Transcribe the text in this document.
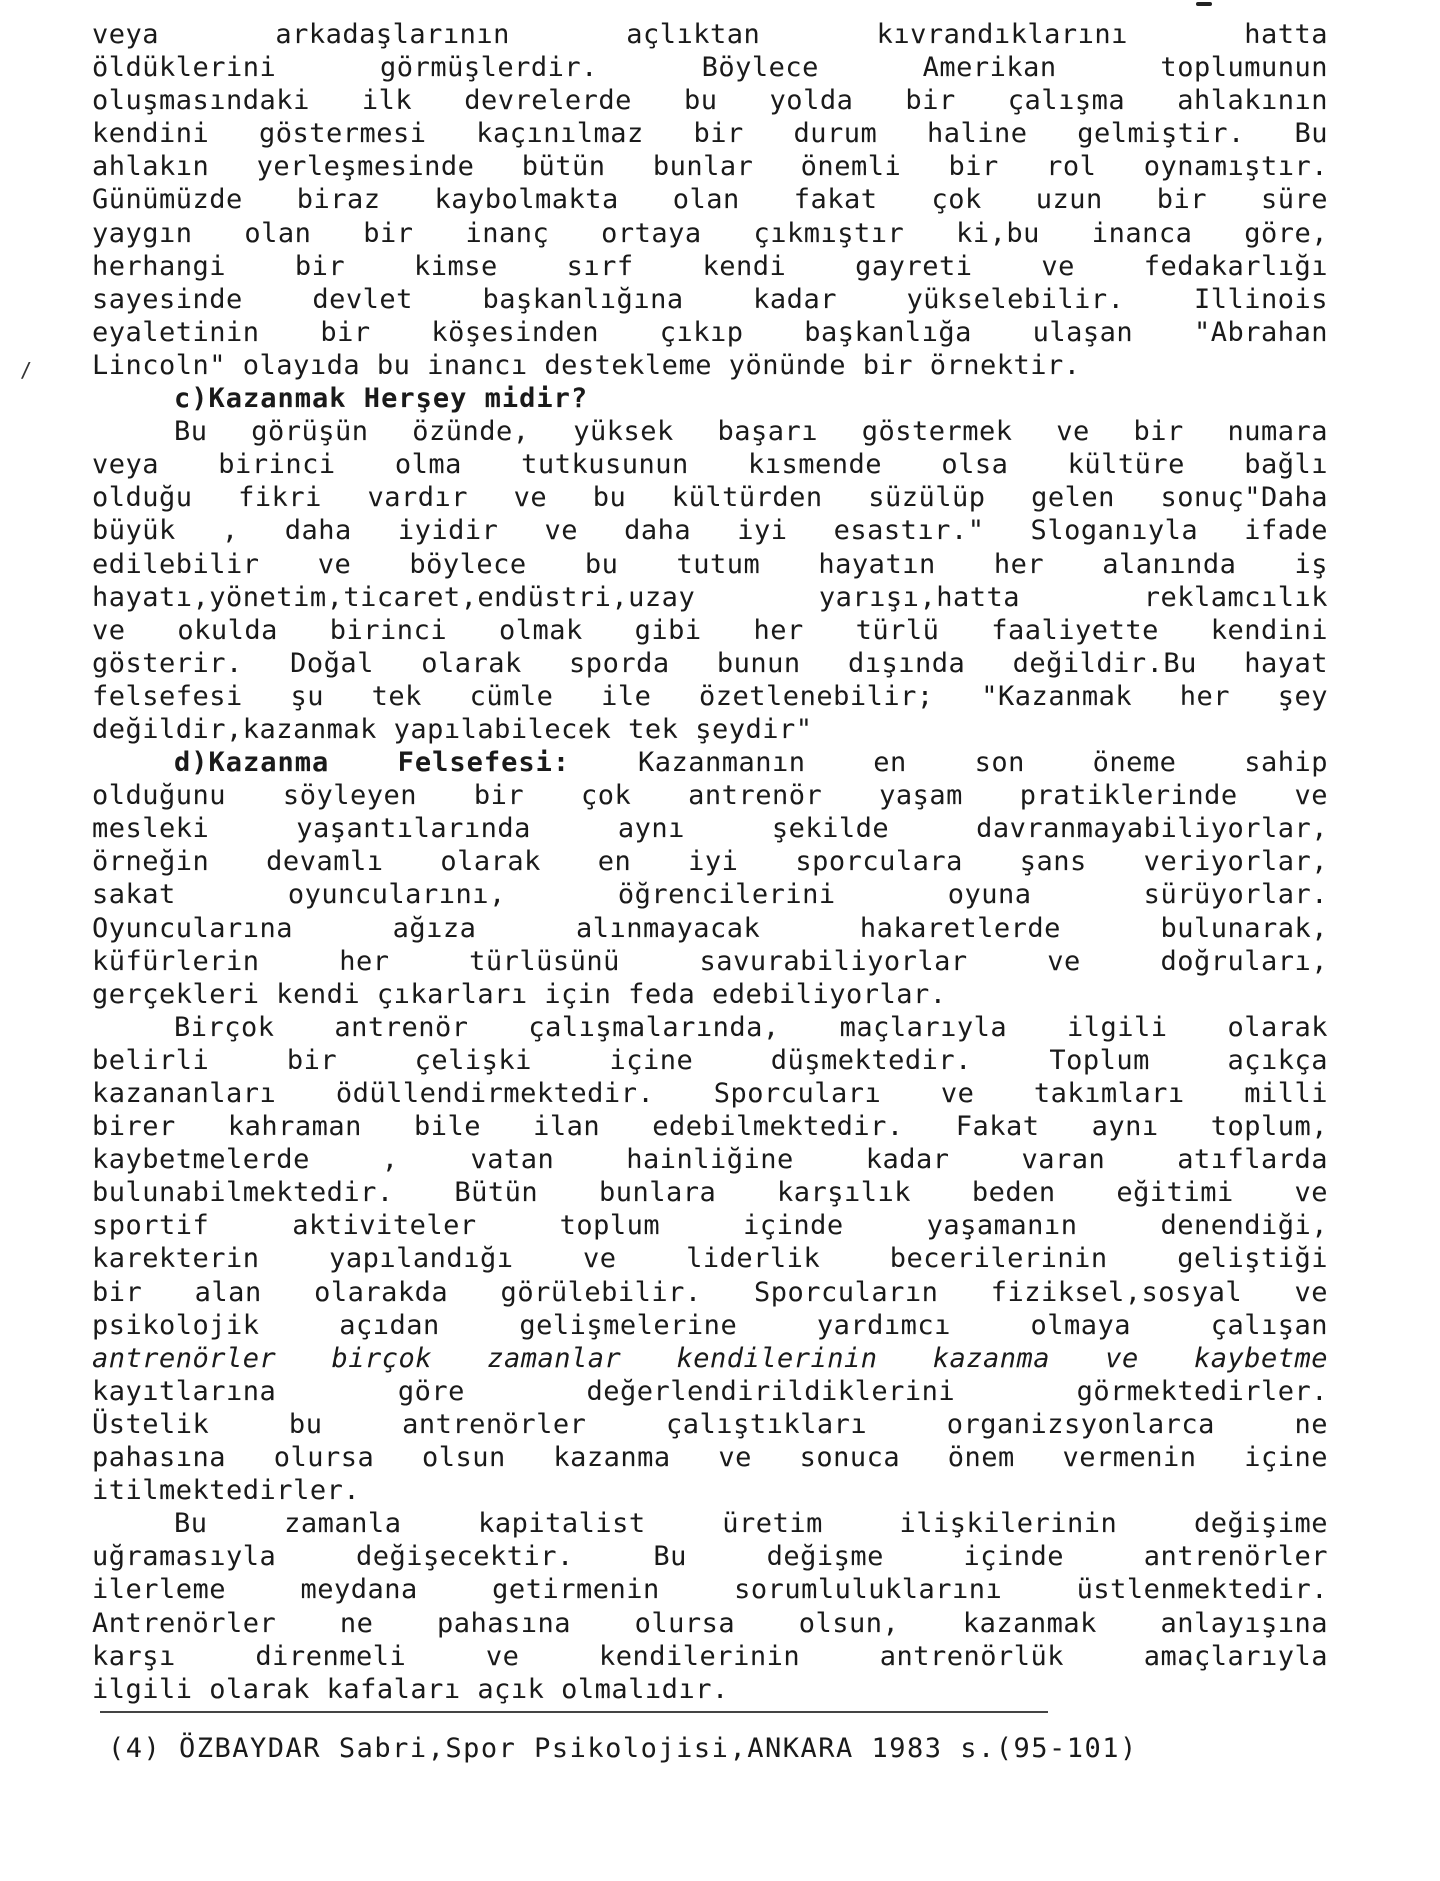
/

veya arkadaşlarının açlıktan kıvrandıklarını hatta
öldüklerini görmüşlerdir. Böylece Amerikan toplumunun
oluşmasındaki ilk devrelerde bu yolda bir çalışma ahlakının
kendini göstermesi kaçınılmaz bir durum haline gelmiştir. Bu
ahlakın yerleşmesinde bütün bunlar önemli bir rol oynamıştır.
Günümüzde biraz kaybolmakta olan fakat çok uzun bir süre
yaygın olan bir inanç ortaya çıkmıştır ki,bu inanca göre,
herhangi bir kimse sırf kendi gayreti ve fedakarlığı
sayesinde devlet başkanlığına kadar yükselebilir. Illinois
eyaletinin bir köşesinden çıkıp başkanlığa ulaşan "Abrahan

Lincoln" olayıda bu inancı destekleme yönünde bir örnektir.

c)Kazanmak Herşey midir?

Bu görüşün özünde, yüksek başarı göstermek ve bir numara
veya birinci olma tutkusunun kısmende olsa kültüre bağlı
olduğu fikri vardır ve bu kültürden süzülüp gelen sonuç"Daha
büyük , daha iyidir ve daha iyi esastır." Sloganıyla ifade
edilebilir ve böylece bu tutum hayatın her alanında iş
hayatı,yönetim,ticaret,endüstri,uzay yarışı,hatta reklamcılık
ve okulda birinci olmak gibi her türlü faaliyette kendini
gösterir. Doğal olarak sporda bunun dışında değildir.Bu hayat
felsefesi şu tek cümle ile özetlenebilir; "Kazanmak her şey

değildir,kazanmak yapılabilecek tek şeydir"

d)Kazanma Felsefesi:	Kazanmanın en son öneme sahip
olduğunu söyleyen bir çok antrenör yaşam pratiklerinde ve
mesleki yaşantılarında aynı şekilde davranmayabiliyorlar,
örneğin devamlı olarak en iyi sporculara şans veriyorlar,
sakat oyuncularını, öğrencilerini oyuna sürüyorlar.
Oyuncularına ağıza alınmayacak hakaretlerde bulunarak,
küfürlerin her türlüsünü savurabiliyorlar ve doğruları,

gerçekleri kendi çıkarları için feda edebiliyorlar.

Birçok antrenör çalışmalarında, maçlarıyla ilgili olarak
belirli bir çelişki içine düşmektedir. Toplum açıkça
kazananları ödüllendirmektedir. Sporcuları ve takımları milli
birer kahraman bile ilan edebilmektedir. Fakat aynı toplum,
kaybetmelerde , vatan hainliğine kadar varan atıflarda
bulunabilmektedir. Bütün bunlara karşılık beden eğitimi ve
sportif aktiviteler toplum içinde yaşamanın denendiği,
karekterin yapılandığı ve liderlik becerilerinin geliştiği
bir alan olarakda görülebilir. Sporcuların fiziksel,sosyal ve
psikolojik açıdan gelişmelerine yardımcı olmaya çalışan
antrenörler birçok zamanlar kendilerinin kazanma ve kaybetme
kayıtlarına göre değerlendirildiklerini görmektedirler.
Üstelik bu antrenörler çalıştıkları organizsyonlarca ne
pahasına olursa olsun kazanma ve sonuca önem vermenin içine

itilmektedirler.

Bu zamanla kapitalist üretim ilişkilerinin değişime
uğramasıyla değişecektir. Bu değişme içinde antrenörler
ilerleme meydana getirmenin sorumluluklarını üstlenmektedir.
Antrenörler ne pahasına olursa olsun, kazanmak anlayışına
karşı direnmeli ve kendilerinin antrenörlük amaçlarıyla

ilgili olarak kafaları açık olmalıdır.

(4) ÖZBAYDAR Sabri,Spor Psikolojisi,ANKARA 1983 s.(95-101)
